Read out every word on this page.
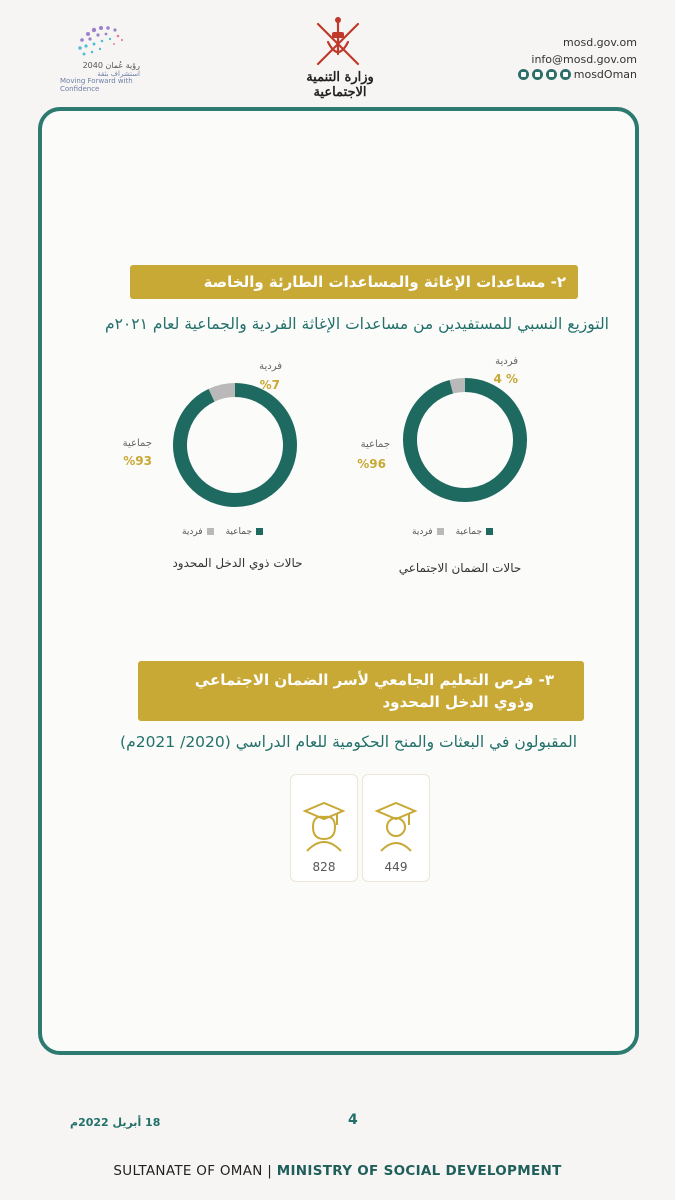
رؤية عُمان 2040
استشراف بثقة
Moving Forward with Confidence
وزارة التنمية الاجتماعية
mosd.gov.om
info@mosd.gov.om
mosdOman
٢- مساعدات الإغاثة والمساعدات الطارئة والخاصة
التوزيع النسبي للمستفيدين من مساعدات الإغاثة الفردية والجماعية لعام ٢٠٢١م
فردية
% 4
جماعية
%96
جماعية
فردية
حالات الضمان الاجتماعي
فردية
%7
جماعية
%93
جماعية
فردية
حالات ذوي الدخل المحدود
٣- فرص التعليم الجامعي لأسر الضمان الاجتماعي
وذوي الدخل المحدود
المقبولون في البعثات والمنح الحكومية للعام الدراسي (2020/ 2021م)
449
828
4
18 أبريل 2022م
SULTANATE OF OMAN | MINISTRY OF SOCIAL DEVELOPMENT
